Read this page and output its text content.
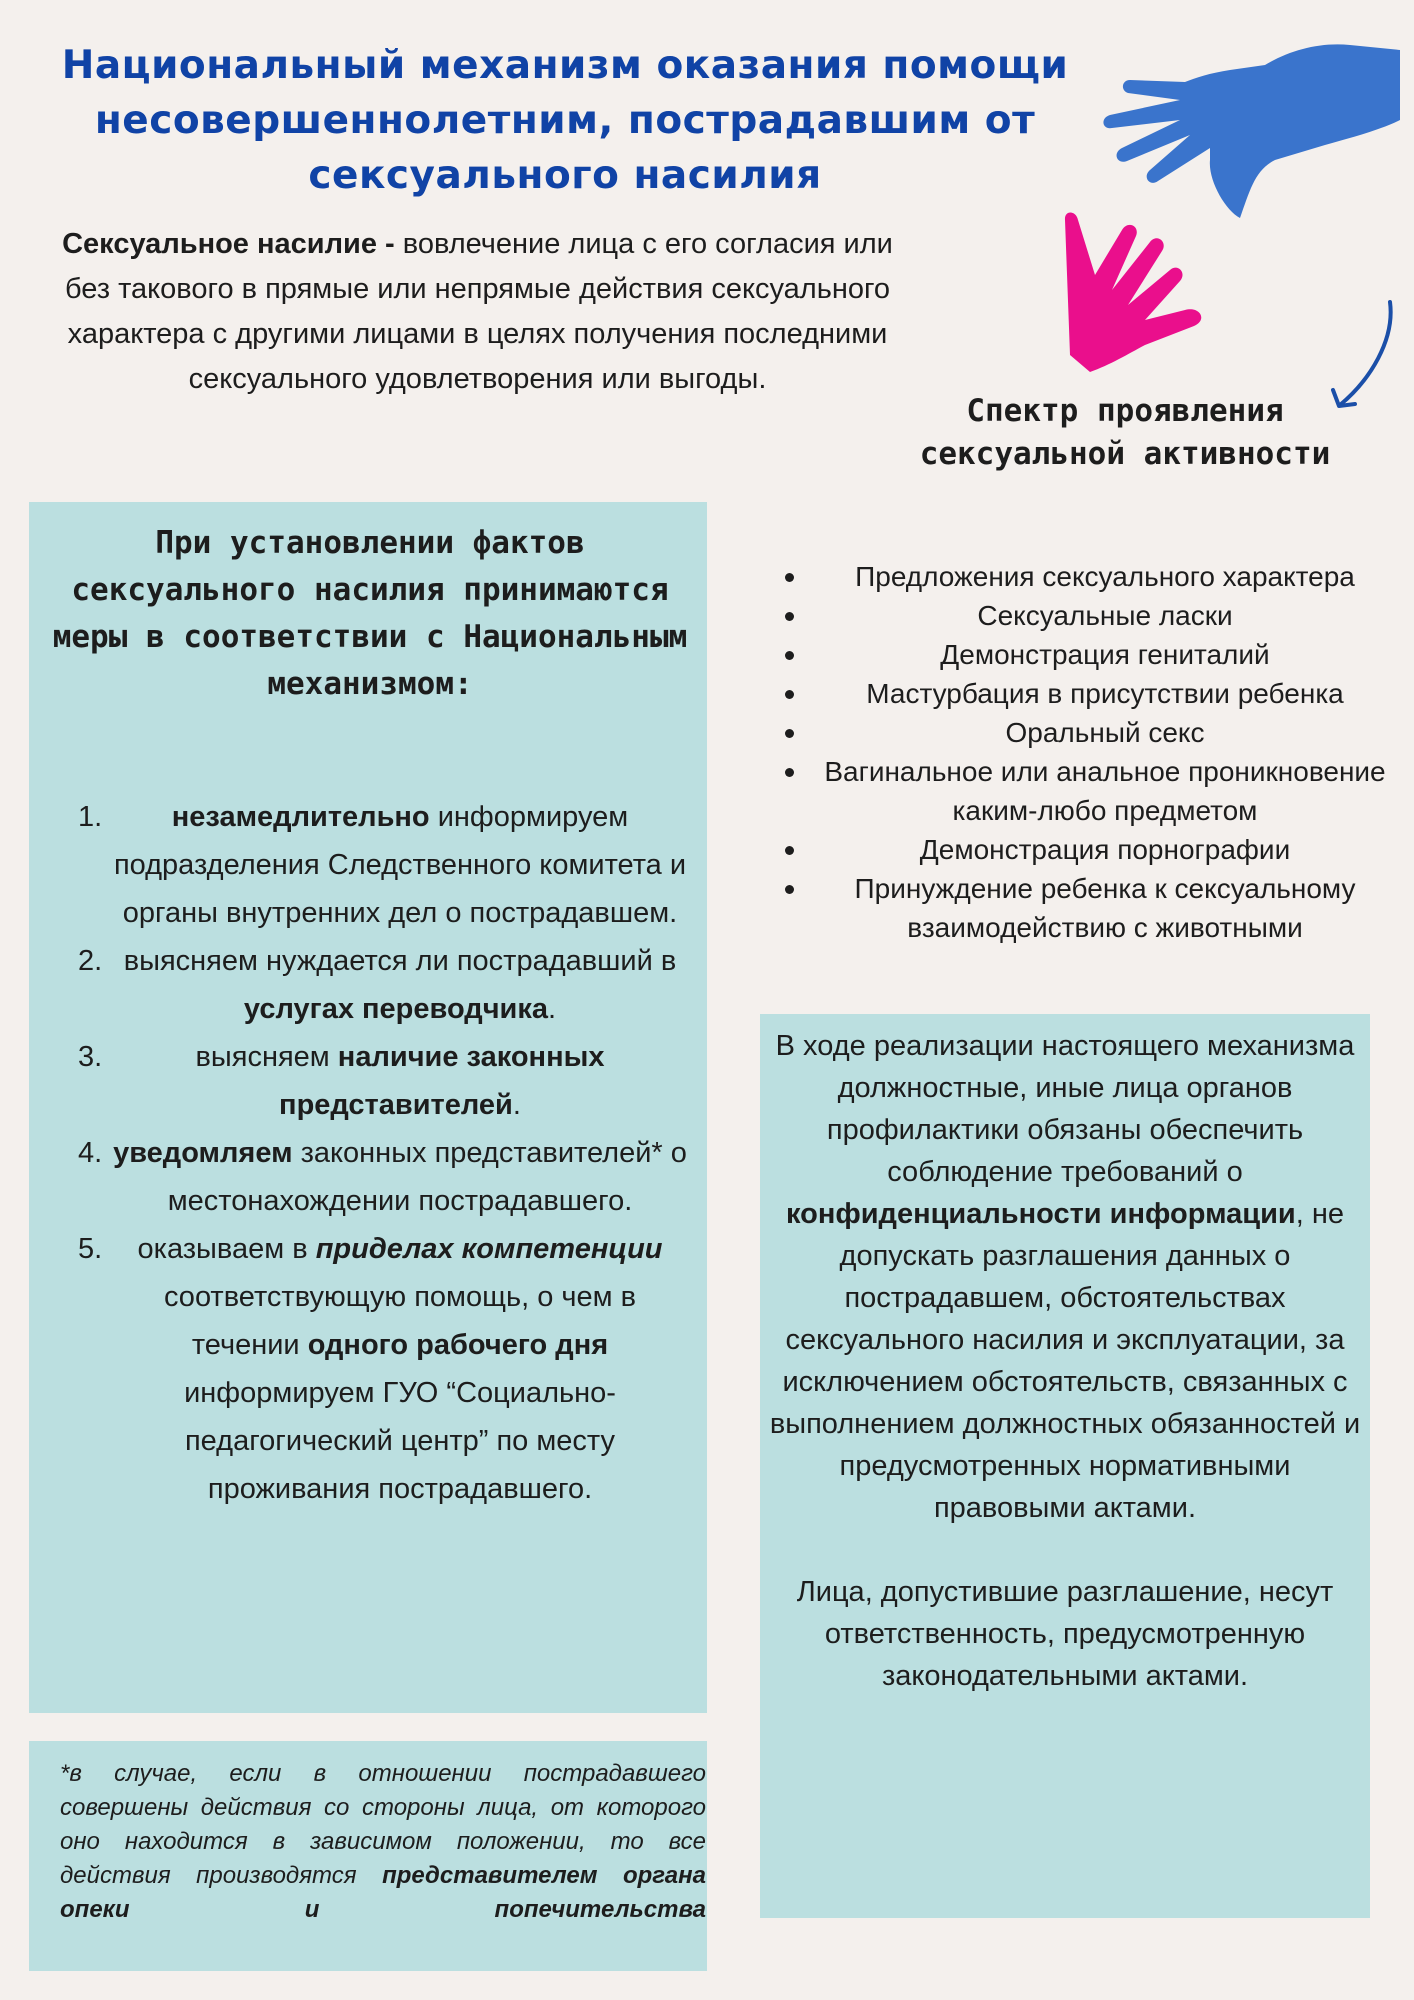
Национальный механизм оказания помощи несовершеннолетним, пострадавшим от сексуального насилия
Сексуальное насилие - вовлечение лица с его согласия или без такового в прямые или непрямые действия сексуального характера с другими лицами в целях получения последними сексуального удовлетворения или выгоды.
Спектр проявления сексуальной активности
Предложения сексуального характера
Сексуальные ласки
Демонстрация гениталий
Мастурбация в присутствии ребенка
Оральный секс
Вагинальное или анальное проникновение каким-любо предметом
Демонстрация порнографии
Принуждение ребенка к сексуальному взаимодействию с животными
При установлении фактов сексуального насилия принимаются меры в соответствии с Национальным механизмом:
1. незамедлительно информируем подразделения Следственного комитета и органы внутренних дел о пострадавшем.
2. выясняем нуждается ли пострадавший в услугах переводчика.
3.	выясняем наличие законных представителей.
4. уведомляем законных представителей* о местонахождении пострадавшего.
5. оказываем в приделах компетенции соответствующую помощь, о чем в течении одного рабочего дня информируем ГУО “Социально-педагогический центр” по месту проживания пострадавшего.
*в случае, если в отношении пострадавшего совершены действия со стороны лица, от которого оно находится в зависимом положении, то все действия производятся представителем органа опеки и попечительства

В ходе реализации настоящего механизма должностные, иные лица органов профилактики обязаны обеспечить соблюдение требований о конфиденциальности информации, не допускать разглашения данных о пострадавшем, обстоятельствах сексуального насилия и эксплуатации, за исключением обстоятельств, связанных с выполнением должностных обязанностей и предусмотренных нормативными правовыми актами.

Лица, допустившие разглашение, несут ответственность, предусмотренную законодательными актами.
